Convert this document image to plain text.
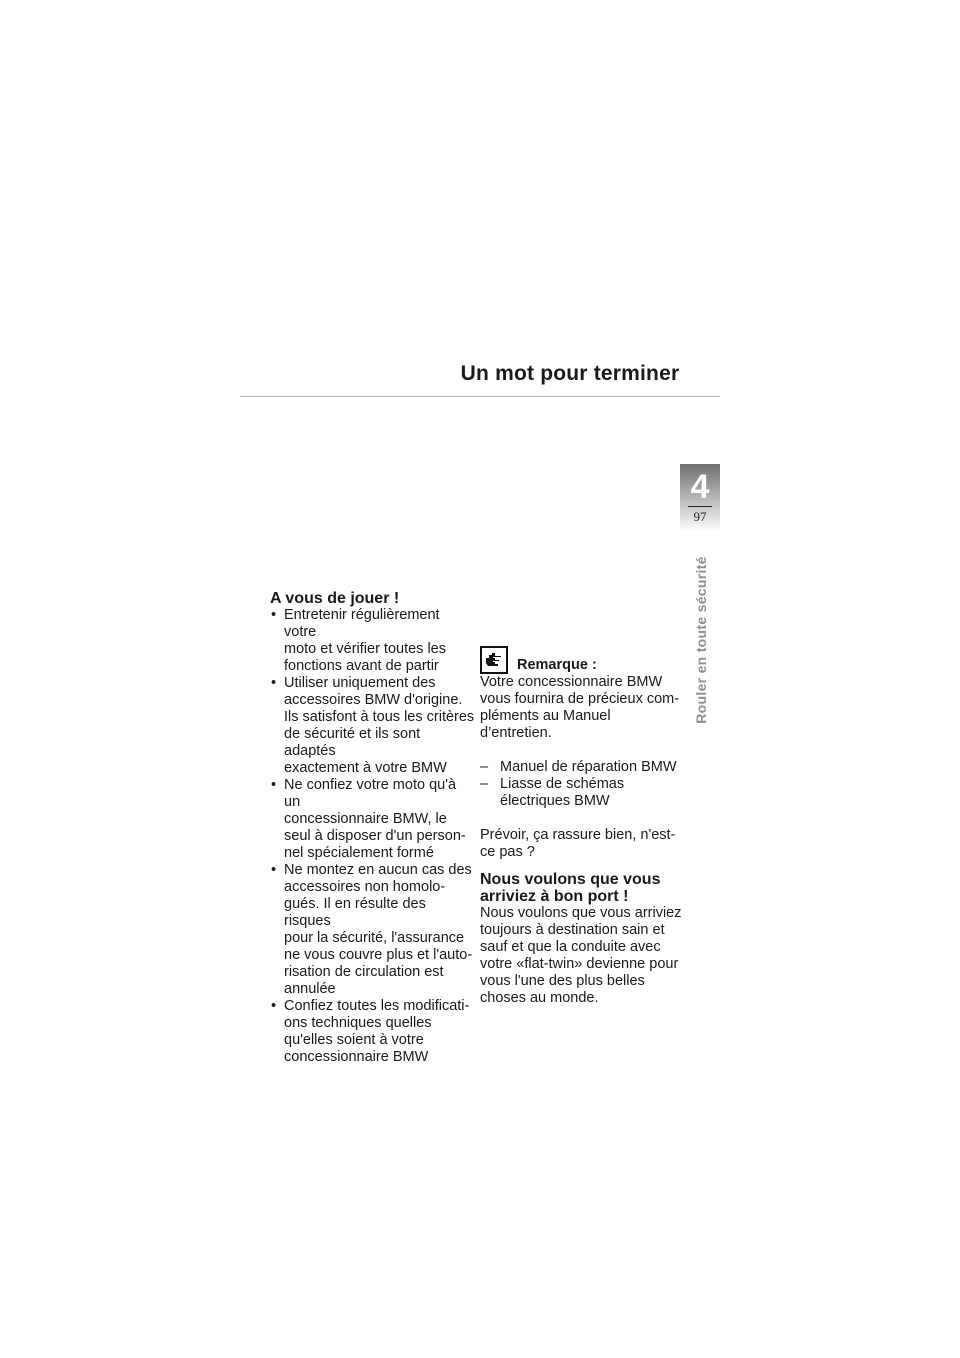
Un mot pour terminer
4
97
Rouler en toute sécurité
A vous de jouer !
• Entretenir régulièrement votre
moto et vérifier toutes les
fonctions avant de partir
• Utiliser uniquement des
accessoires BMW d'origine.
Ils satisfont à tous les critères
de sécurité et ils sont adaptés
exactement à votre BMW
• Ne confiez votre moto qu'à un
concessionnaire BMW, le
seul à disposer d'un person-
nel spécialement formé
• Ne montez en aucun cas des
accessoires non homolo-
gués. Il en résulte des risques
pour la sécurité, l'assurance
ne vous couvre plus et l'auto-
risation de circulation est
annulée
• Confiez toutes les modificati-
ons techniques quelles
qu'elles soient à votre
concessionnaire BMW
Remarque :

Votre concessionnaire BMW
vous fournira de précieux com-
pléments au Manuel d’entretien.

– Manuel de réparation BMW
– Liasse de schémas
électriques BMW

Prévoir, ça rassure bien, n'est-
ce pas ?

Nous voulons que vous
arriviez à bon port !

Nous voulons que vous arriviez
toujours à destination sain et
sauf et que la conduite avec
votre «flat-twin» devienne pour
vous l'une des plus belles
choses au monde.
